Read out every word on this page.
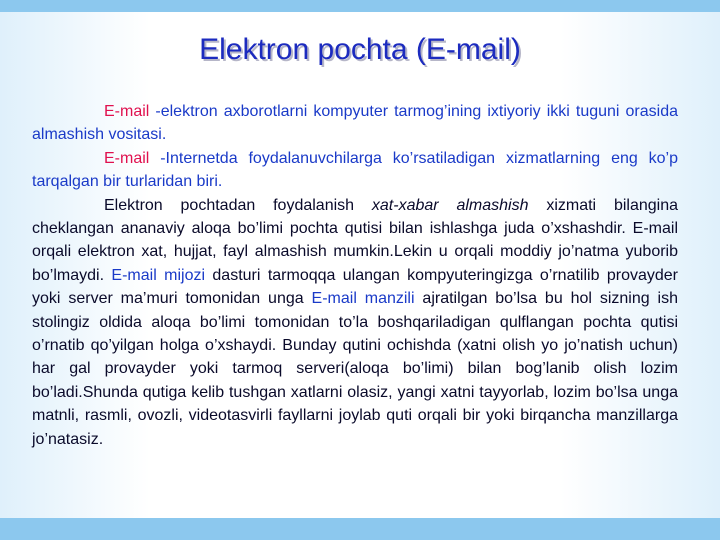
Elektron pochta (E-mail)

E-mail -elektron axborotlarni kompyuter tarmog’ining ixtiyoriy ikki tuguni orasida almashish vositasi.

E-mail -Internetda foydalanuvchilarga ko’rsatiladigan xizmatlarning eng ko’p tarqalgan bir turlaridan biri.

Elektron pochtadan foydalanish xat-xabar almashish xizmati bilangina cheklangan ananaviy aloqa bo’limi pochta qutisi bilan ishlashga juda o’xshashdir. E-mail orqali elektron xat, hujjat, fayl almashish mumkin.Lekin u orqali moddiy jo’natma yuborib bo’lmaydi. E-mail mijozi dasturi tarmoqqa ulangan kompyuteringizga o’rnatilib provayder yoki server ma’muri tomonidan unga E-mail manzili ajratilgan bo’lsa bu hol sizning ish stolingiz oldida aloqa bo’limi tomonidan to’la boshqariladigan qulflangan pochta qutisi o’rnatib qo’yilgan holga o’xshaydi. Bunday qutini ochishda (xatni olish yo jo’natish uchun) har gal provayder yoki tarmoq serveri(aloqa bo’limi) bilan bog’lanib olish lozim bo’ladi.Shunda qutiga kelib tushgan xatlarni olasiz, yangi xatni tayyorlab, lozim bo’lsa unga matnli, rasmli, ovozli, videotasvirli fayllarni joylab quti orqali bir yoki birqancha manzillarga jo’natasiz.
